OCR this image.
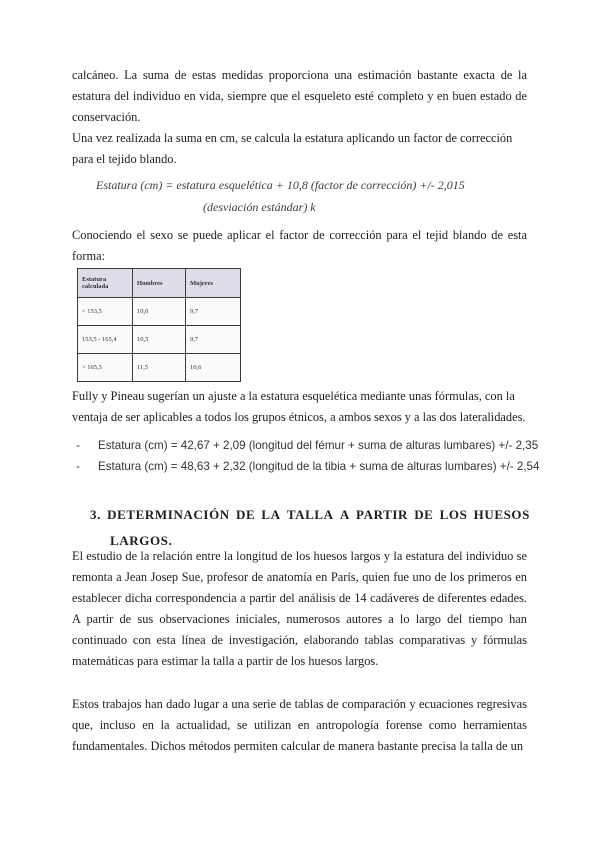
calcáneo. La suma de estas medidas proporciona una estimación bastante exacta de la estatura del individuo en vida, siempre que el esqueleto esté completo y en buen estado de conservación.

Una vez realizada la suma en cm, se calcula la estatura aplicando un factor de corrección para el tejido blando.

Estatura (cm) = estatura esquelética + 10,8 (factor de corrección) +/- 2,015
(desviación estándar) k

Conociendo el sexo se puede aplicar el factor de corrección para el tejid blando de esta forma:

Estatura calculada	Hombres	Mujeres
< 153,5	10,0	9,7
153,5 - 165,4	10,5	9,7
> 165,5	11,5	10,6

Fully y Pineau sugerían un ajuste a la estatura esquelética mediante unas fórmulas, con la ventaja de ser aplicables a todos los grupos étnicos, a ambos sexos y a las dos lateralidades.

- Estatura (cm) = 42,67 + 2,09 (longitud del fémur + suma de alturas lumbares) +/- 2,35
- Estatura (cm) = 48,63 + 2,32 (longitud de la tibia + suma de alturas lumbares) +/- 2,54
3. DETERMINACIÓN DE LA TALLA A PARTIR DE LOS HUESOS
LARGOS.

El estudio de la relación entre la longitud de los huesos largos y la estatura del individuo se remonta a Jean Josep Sue, profesor de anatomía en París, quien fue uno de los primeros en establecer dicha correspondencia a partir del análisis de 14 cadáveres de diferentes edades. A partir de sus observaciones iniciales, numerosos autores a lo largo del tiempo han continuado con esta línea de investigación, elaborando tablas comparativas y fórmulas matemáticas para estimar la talla a partir de los huesos largos.

Estos trabajos han dado lugar a una serie de tablas de comparación y ecuaciones regresivas que, incluso en la actualidad, se utilizan en antropología forense como herramientas fundamentales. Dichos métodos permiten calcular de manera bastante precisa la talla de un
